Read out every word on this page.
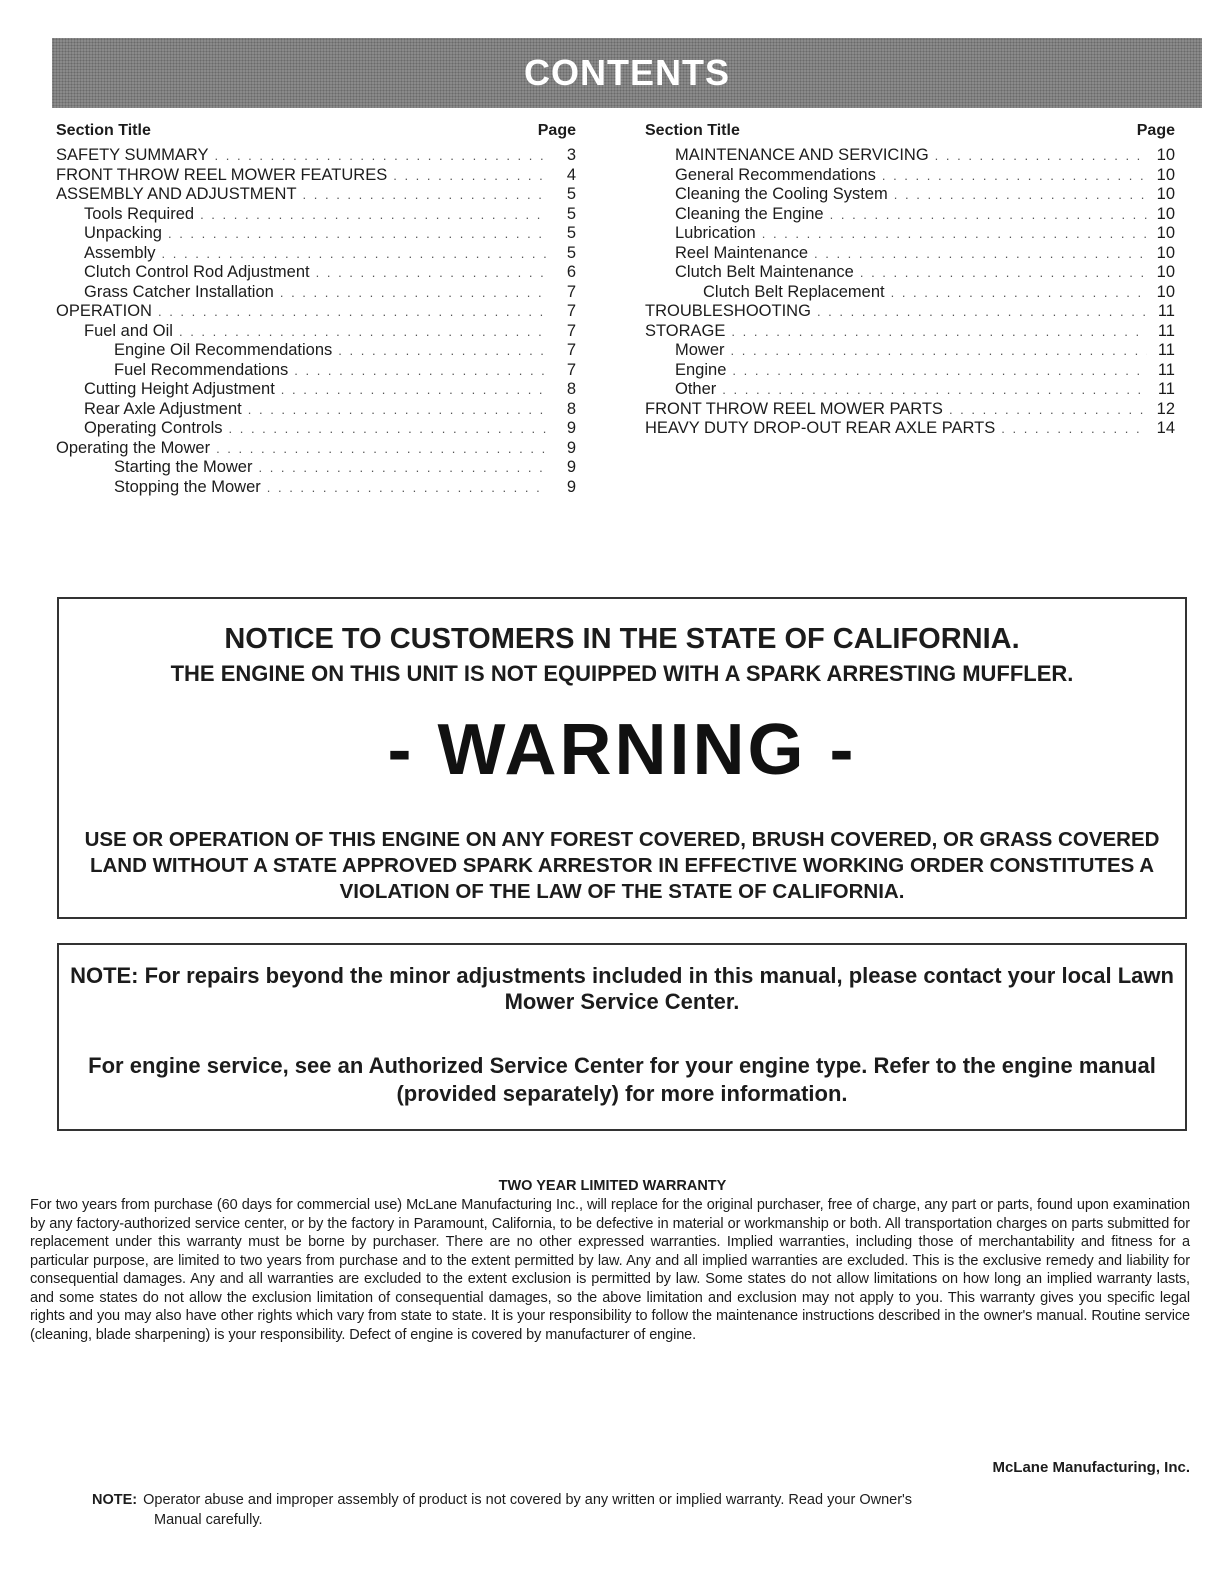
CONTENTS
Section Title	Page
SAFETY SUMMARY . . .	3
FRONT THROW REEL MOWER FEATURES . . .	4
ASSEMBLY AND ADJUSTMENT . . .	5
Tools Required . . .	5
Unpacking . . .	5
Assembly . . .	5
Clutch Control Rod Adjustment . . .	6
Grass Catcher Installation . . .	7
OPERATION . . .	7
Fuel and Oil . . .	7
Engine Oil Recommendations . . .	7
Fuel Recommendations . . .	7
Cutting Height Adjustment . . .	8
Rear Axle Adjustment . . .	8
Operating Controls . . .	9
Operating the Mower . . .	9
Starting the Mower . . .	9
Stopping the Mower . . .	9
Section Title	Page
MAINTENANCE AND SERVICING . . .	10
General Recommendations . . .	10
Cleaning the Cooling System . . .	10
Cleaning the Engine . . .	10
Lubrication . . .	10
Reel Maintenance . . .	10
Clutch Belt Maintenance . . .	10
Clutch Belt Replacement . . .	10
TROUBLESHOOTING . . .	11
STORAGE . . .	11
Mower . . .	11
Engine . . .	11
Other . . .	11
FRONT THROW REEL MOWER PARTS . . .	12
HEAVY DUTY DROP-OUT REAR AXLE PARTS . . .	14
NOTICE TO CUSTOMERS IN THE STATE OF CALIFORNIA.
THE ENGINE ON THIS UNIT IS NOT EQUIPPED WITH A SPARK ARRESTING MUFFLER.
- WARNING -
USE OR OPERATION OF THIS ENGINE ON ANY FOREST COVERED, BRUSH COVERED, OR GRASS COVERED LAND WITHOUT A STATE APPROVED SPARK ARRESTOR IN EFFECTIVE WORKING ORDER CONSTITUTES A VIOLATION OF THE LAW OF THE STATE OF CALIFORNIA.
NOTE: For repairs beyond the minor adjustments included in this manual, please contact your local Lawn Mower Service Center.
For engine service, see an Authorized Service Center for your engine type. Refer to the engine manual (provided separately) for more information.
TWO YEAR LIMITED WARRANTY
For two years from purchase (60 days for commercial use) McLane Manufacturing Inc., will replace for the original purchaser, free of charge, any part or parts, found upon examination by any factory-authorized service center, or by the factory in Paramount, California, to be defective in material or workmanship or both. All transportation charges on parts submitted for replacement under this warranty must be borne by purchaser. There are no other expressed warranties. Implied warranties, including those of merchantability and fitness for a particular purpose, are limited to two years from purchase and to the extent permitted by law. Any and all implied warranties are excluded. This is the exclusive remedy and liability for consequential damages. Any and all warranties are excluded to the extent exclusion is permitted by law. Some states do not allow limitations on how long an implied warranty lasts, and some states do not allow the exclusion limitation of consequential damages, so the above limitation and exclusion may not apply to you. This warranty gives you specific legal rights and you may also have other rights which vary from state to state. It is your responsibility to follow the maintenance instructions described in the owner's manual. Routine service (cleaning, blade sharpening) is your responsibility. Defect of engine is covered by manufacturer of engine.
McLane Manufacturing, Inc.
NOTE: Operator abuse and improper assembly of product is not covered by any written or implied warranty. Read your Owner's
Manual carefully.
